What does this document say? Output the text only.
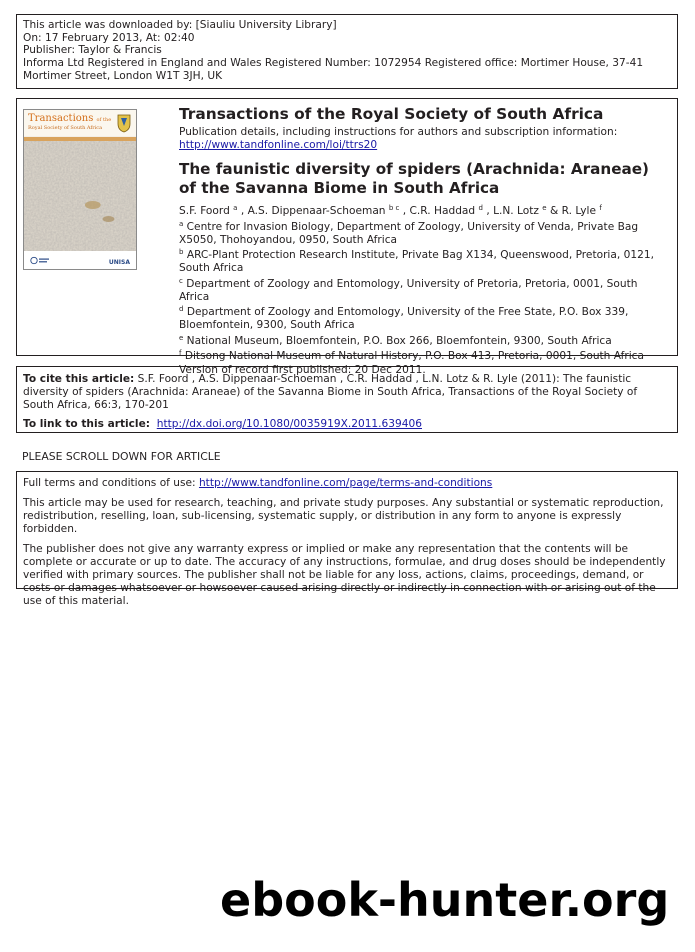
This article was downloaded by: [Siauliu University Library]
On: 17 February 2013, At: 02:40
Publisher: Taylor & Francis
Informa Ltd Registered in England and Wales Registered Number: 1072954 Registered office: Mortimer House, 37-41
Mortimer Street, London W1T 3JH, UK
Transactions of the
Royal Society of South Africa
UNISA
Transactions of the Royal Society of South Africa
Publication details, including instructions for authors and subscription information:
http://www.tandfonline.com/loi/ttrs20
The faunistic diversity of spiders (Arachnida: Araneae) of the Savanna Biome in South Africa
S.F. Foord $^a$ , A.S. Dippenaar-Schoeman $^{b c}$ , C.R. Haddad $^d$ , L.N. Lotz $^e$ & R. Lyle $^f$
$^a$ Centre for Invasion Biology, Department of Zoology, University of Venda, Private Bag X5050, Thohoyandou, 0950, South Africa
$^b$ ARC-Plant Protection Research Institute, Private Bag X134, Queenswood, Pretoria, 0121, South Africa
$^c$ Department of Zoology and Entomology, University of Pretoria, Pretoria, 0001, South Africa
$^d$ Department of Zoology and Entomology, University of the Free State, P.O. Box 339, Bloemfontein, 9300, South Africa
$^e$ National Museum, Bloemfontein, P.O. Box 266, Bloemfontein, 9300, South Africa
$^f$ Ditsong National Museum of Natural History, P.O. Box 413, Pretoria, 0001, South Africa
Version of record first published: 20 Dec 2011.
To cite this article: S.F. Foord , A.S. Dippenaar-Schoeman , C.R. Haddad , L.N. Lotz & R. Lyle (2011): The faunistic diversity of spiders (Arachnida: Araneae) of the Savanna Biome in South Africa, Transactions of the Royal Society of South Africa, 66:3, 170-201
To link to this article: http://dx.doi.org/10.1080/0035919X.2011.639406
PLEASE SCROLL DOWN FOR ARTICLE

Full terms and conditions of use: http://www.tandfonline.com/page/terms-and-conditions

This article may be used for research, teaching, and private study purposes. Any substantial or systematic reproduction, redistribution, reselling, loan, sub-licensing, systematic supply, or distribution in any form to anyone is expressly forbidden.

The publisher does not give any warranty express or implied or make any representation that the contents will be complete or accurate or up to date. The accuracy of any instructions, formulae, and drug doses should be independently verified with primary sources. The publisher shall not be liable for any loss, actions, claims, proceedings, demand, or costs or damages whatsoever or howsoever caused arising directly or indirectly in connection with or arising out of the use of this material.

ebook-hunter.org
